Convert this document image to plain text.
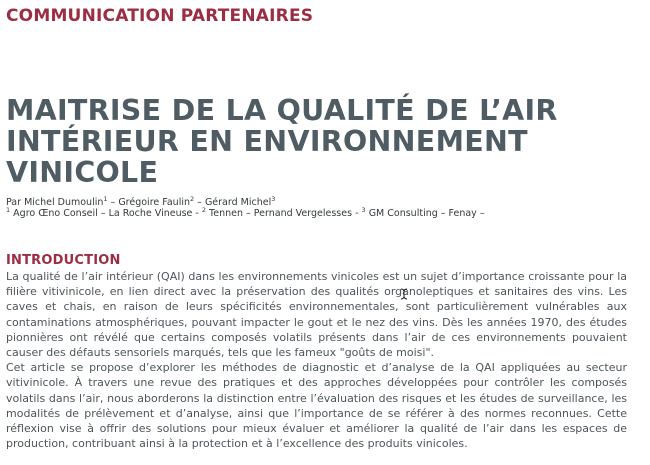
COMMUNICATION PARTENAIRES
MAITRISE DE LA QUALITÉ DE L’AIR
INTÉRIEUR EN ENVIRONNEMENT
VINICOLE
Par Michel Dumoulin$^1$ – Grégoire Faulin$^2$ – Gérard Michel$^3$
$^1$ Agro Œno Conseil – La Roche Vineuse - $^2$ Tennen – Pernand Vergelesses - $^3$ GM Consulting – Fenay –
INTRODUCTION

La qualité de l’air intérieur (QAI) dans les environnements vinicoles est un sujet d’importance croissante pour la filière vitivinicole, en lien direct avec la préservation des qualités organoleptiques et sanitaires des vins. Les caves et chais, en raison de leurs spécificités environnementales, sont particulièrement vulnérables aux contaminations atmosphériques, pouvant impacter le gout et le nez des vins. Dès les années 1970, des études pionnières ont révélé que certains composés volatils présents dans l’air de ces environnements pouvaient causer des défauts sensoriels marqués, tels que les fameux "goûts de moisi".

Cet article se propose d’explorer les méthodes de diagnostic et d’analyse de la QAI appliquées au secteur vitivinicole. À travers une revue des pratiques et des approches développées pour contrôler les composés volatils dans l’air, nous aborderons la distinction entre l’évaluation des risques et les études de surveillance, les modalités de prélèvement et d’analyse, ainsi que l’importance de se référer à des normes reconnues. Cette réflexion vise à offrir des solutions pour mieux évaluer et améliorer la qualité de l’air dans les espaces de production, contribuant ainsi à la protection et à l’excellence des produits vinicoles.
